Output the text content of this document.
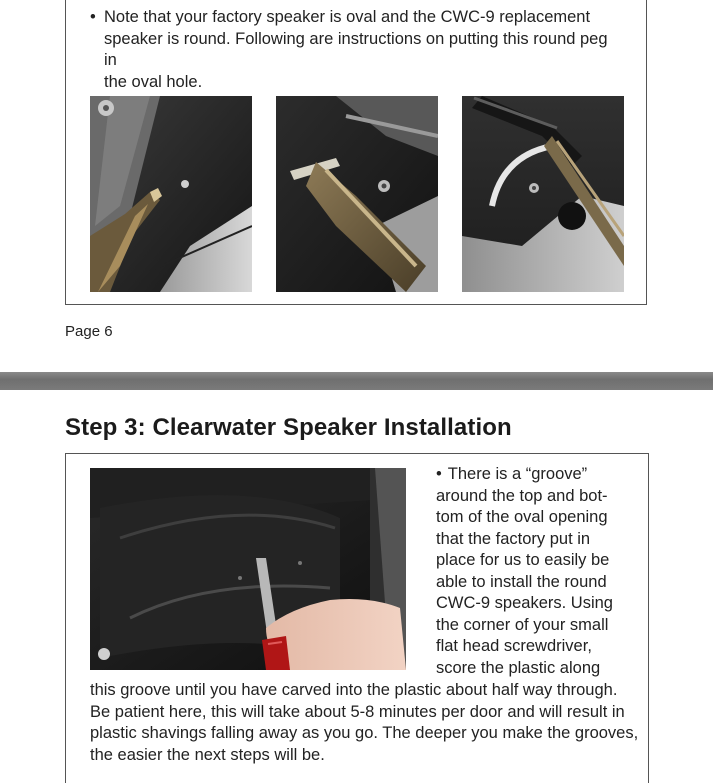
• Note that your factory speaker is oval and the CWC-9 replacement
speaker is round. Following are instructions on putting this round peg in
the oval hole.
Page 6
Step 3: Clearwater Speaker Installation
• There is a “groove”
around the top and bot-
tom of the oval opening
that the factory put in
place for us to easily be
able to install the round
CWC-9 speakers. Using
the corner of your small
flat head screwdriver,
score the plastic along
this groove until you have carved into the plastic about half way through.
Be patient here, this will take about 5-8 minutes per door and will result in
plastic shavings falling away as you go. The deeper you make the grooves,
the easier the next steps will be.
